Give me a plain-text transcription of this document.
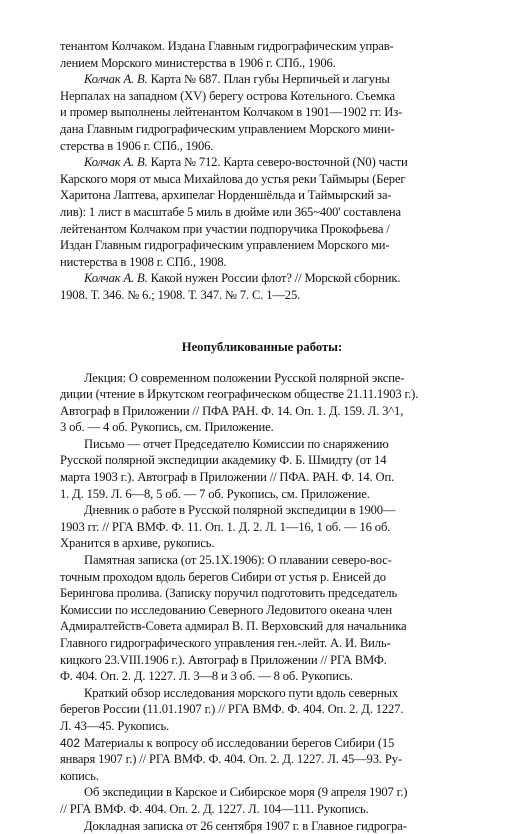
тенантом Колчаком. Издана Главным гидрографическим управ-
лением Морского министерства в 1906 г. СПб., 1906.
Колчак А. В. Карта № 687. План губы Нерпичьей и лагуны
Нерпалах на западном (XV) берегу острова Котельного. Съемка
и промер выполнены лейтенантом Колчаком в 1901—1902 гг. Из-
дана Главным гидрографическим управлением Морского мини-
стерства в 1906 г. СПб., 1906.
Колчак А. В. Карта № 712. Карта северо-восточной (N0) части
Карского моря от мыса Михайлова до устья реки Таймыры (Берег
Харитона Лаптева, архипелаг Норденшёльда и Таймырский за-
лив): 1 лист в масштабе 5 миль в дюйме или 365~400' составлена
лейтенантом Колчаком при участии подпоручика Прокофьева /
Издан Главным гидрографическим управлением Морского ми-
нистерства в 1908 г. СПб., 1908.
Колчак А. В. Какой нужен России флот? // Морской сборник.
1908. Т. 346. № 6.; 1908. Т. 347. № 7. С. 1—25.
Неопубликованные работы:
Лекция: О современном положении Русской полярной экспе-
диции (чтение в Иркутском географическом обществе 21.11.1903 г.).
Автограф в Приложении // ПФА РАН. Ф. 14. Оп. 1. Д. 159. Л. 3^1,
3 об. — 4 об. Рукопись, см. Приложение.
Письмо — отчет Председателю Комиссии по снаряжению
Русской полярной экспедиции академику Ф. Б. Шмидту (от 14
марта 1903 г.). Автограф в Приложении // ПФА. РАН. Ф. 14. Оп.
1. Д. 159. Л. 6—8, 5 об. — 7 об. Рукопись, см. Приложение.
Дневник о работе в Русской полярной экспедиции в 1900—
1903 гг. // РГА ВМФ. Ф. 11. Оп. 1. Д. 2. Л. 1—16, 1 об. — 16 об.
Хранится в архиве, рукопись.
Памятная записка (от 25.1X.1906): О плавании северо-вос-
точным проходом вдоль берегов Сибири от устья р. Енисей до
Берингова пролива. (Записку поручил подготовить председатель
Комиссии по исследованию Северного Ледовитого океана член
Адмиралтейств-Совета адмирал В. П. Верховский для начальника
Главного гидрографического управления ген.-лейт. А. И. Виль-
кицкого 23.VIII.1906 г.). Автограф в Приложении // РГА ВМФ.
Ф. 404. Оп. 2. Д. 1227. Л. 3—8 и 3 об. — 8 об. Рукопись.
Краткий обзор исследования морского пути вдоль северных
берегов России (11.01.1907 г.) // РГА ВМФ. Ф. 404. Оп. 2. Д. 1227.
Л. 43—45. Рукопись.
Материалы к вопросу об исследовании берегов Сибири (15
января 1907 г.) // РГА ВМФ. Ф. 404. Оп. 2. Д. 1227. Л. 45—93. Ру-
копись.
Об экспедиции в Карское и Сибирское моря (9 апреля 1907 г.)
// РГА ВМФ. Ф. 404. Оп. 2. Д. 1227. Л. 104—111. Рукопись.
Докладная записка от 26 сентября 1907 г. в Главное гидрогра-
402
